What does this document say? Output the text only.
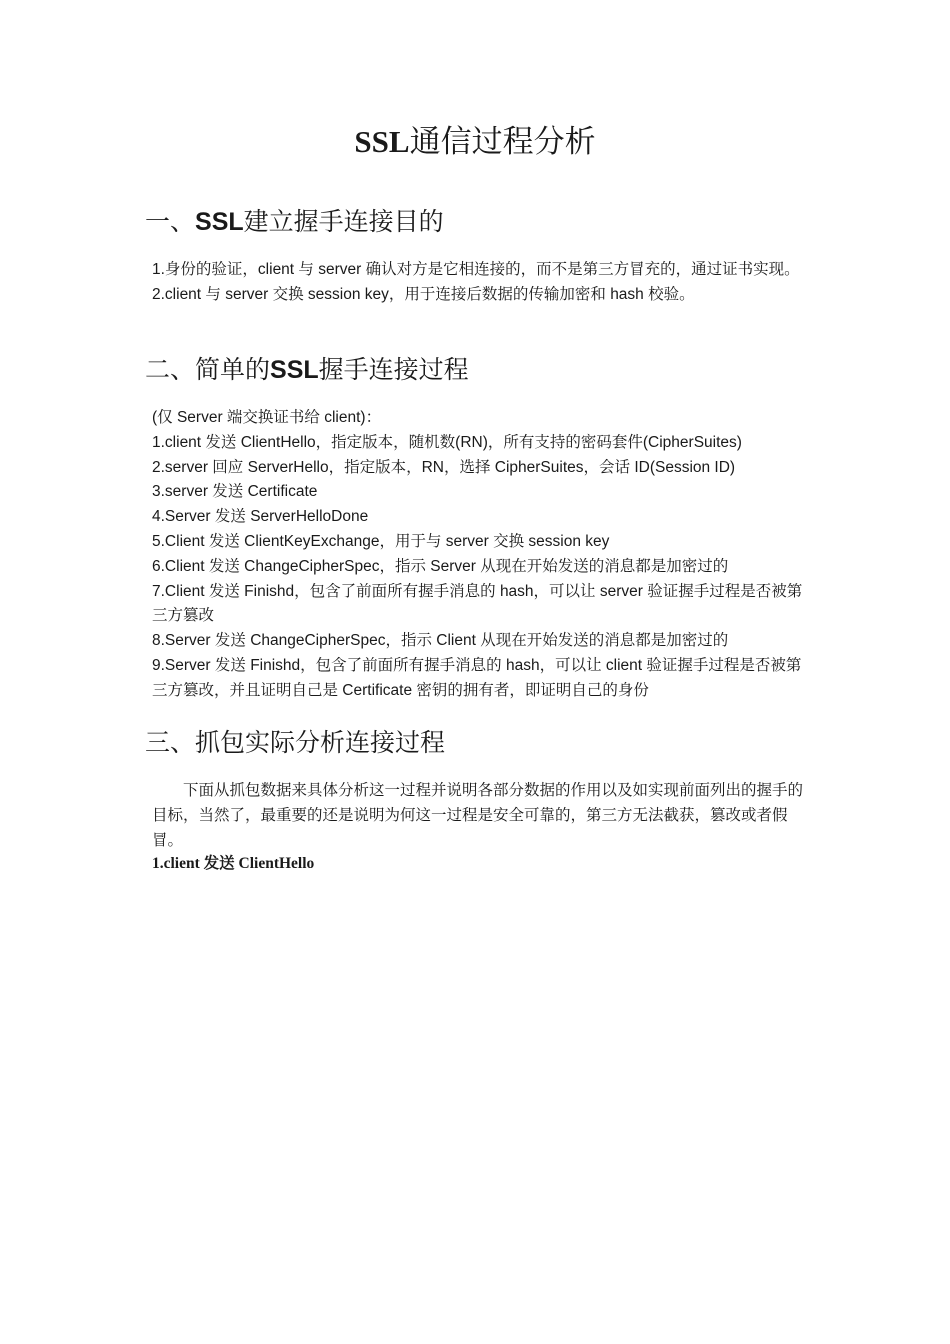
SSL通信过程分析
一、SSL建立握手连接目的

1.身份的验证，client 与 server 确认对方是它相连接的，而不是第三方冒充的，通过证书实现。

2.client 与 server 交换 session key，用于连接后数据的传输加密和 hash 校验。

二、简单的SSL握手连接过程

(仅 Server 端交换证书给 client)：

1.client 发送 ClientHello，指定版本，随机数(RN)，所有支持的密码套件(CipherSuites)

2.server 回应 ServerHello，指定版本，RN，选择 CipherSuites，会话 ID(Session ID)

3.server 发送 Certificate

4.Server 发送 ServerHelloDone

5.Client 发送 ClientKeyExchange，用于与 server 交换 session key

6.Client 发送 ChangeCipherSpec，指示 Server 从现在开始发送的消息都是加密过的

7.Client 发送 Finishd，包含了前面所有握手消息的 hash，可以让 server 验证握手过程是否被第三方篡改

8.Server 发送 ChangeCipherSpec，指示 Client 从现在开始发送的消息都是加密过的

9.Server 发送 Finishd，包含了前面所有握手消息的 hash，可以让 client 验证握手过程是否被第三方篡改，并且证明自己是 Certificate 密钥的拥有者，即证明自己的身份

三、抓包实际分析连接过程

下面从抓包数据来具体分析这一过程并说明各部分数据的作用以及如实现前面列出的握手的目标，当然了，最重要的还是说明为何这一过程是安全可靠的，第三方无法截获，篡改或者假冒。

1.client 发送 ClientHello
